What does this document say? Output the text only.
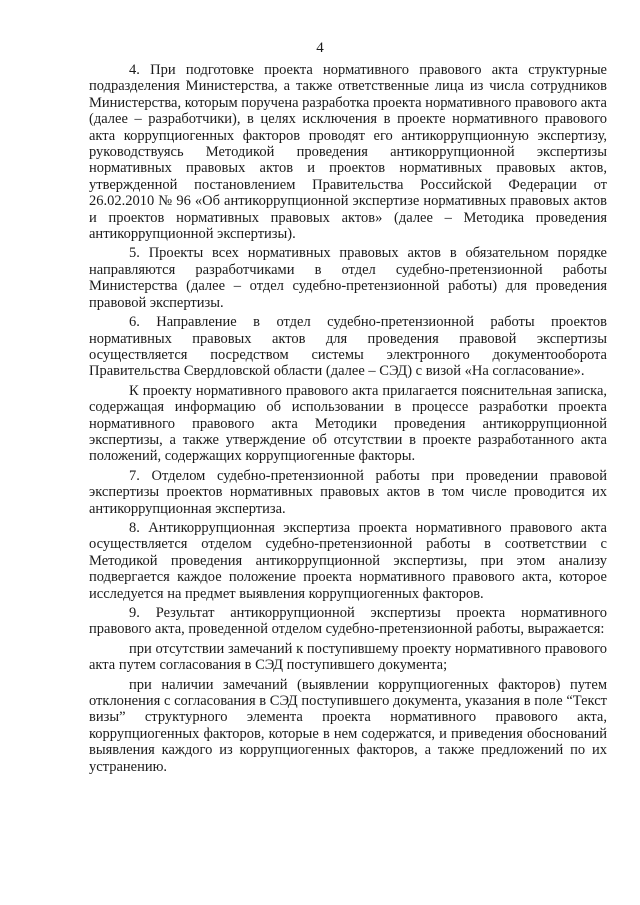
4

4. При подготовке проекта нормативного правового акта структурные подразделения Министерства, а также ответственные лица из числа сотрудников Министерства, которым поручена разработка проекта нормативного правового акта (далее – разработчики), в целях исключения в проекте нормативного правового акта коррупциогенных факторов проводят его антикоррупционную экспертизу, руководствуясь Методикой проведения антикоррупционной экспертизы нормативных правовых актов и проектов нормативных правовых актов, утвержденной постановлением Правительства Российской Федерации от 26.02.2010 № 96 «Об антикоррупционной экспертизе нормативных правовых актов и проектов нормативных правовых актов» (далее – Методика проведения антикоррупционной экспертизы).

5. Проекты всех нормативных правовых актов в обязательном порядке направляются разработчиками в отдел судебно-претензионной работы Министерства (далее – отдел судебно-претензионной работы) для проведения правовой экспертизы.

6. Направление в отдел судебно-претензионной работы проектов нормативных правовых актов для проведения правовой экспертизы осуществляется посредством системы электронного документооборота Правительства Свердловской области (далее – СЭД) с визой «На согласование».

К проекту нормативного правового акта прилагается пояснительная записка, содержащая информацию об использовании в процессе разработки проекта нормативного правового акта Методики проведения антикоррупционной экспертизы, а также утверждение об отсутствии в проекте разработанного акта положений, содержащих коррупциогенные факторы.

7. Отделом судебно-претензионной работы при проведении правовой экспертизы проектов нормативных правовых актов в том числе проводится их антикоррупционная экспертиза.

8. Антикоррупционная экспертиза проекта нормативного правового акта осуществляется отделом судебно-претензионной работы в соответствии с Методикой проведения антикоррупционной экспертизы, при этом анализу подвергается каждое положение проекта нормативного правового акта, которое исследуется на предмет выявления коррупциогенных факторов.

9. Результат антикоррупционной экспертизы проекта нормативного правового акта, проведенной отделом судебно-претензионной работы, выражается:

при отсутствии замечаний к поступившему проекту нормативного правового акта путем согласования в СЭД поступившего документа;

при наличии замечаний (выявлении коррупциогенных факторов) путем отклонения с согласования в СЭД поступившего документа, указания в поле “Текст визы” структурного элемента проекта нормативного правового акта, коррупциогенных факторов, которые в нем содержатся, и приведения обоснований выявления каждого из коррупциогенных факторов, а также предложений по их устранению.
